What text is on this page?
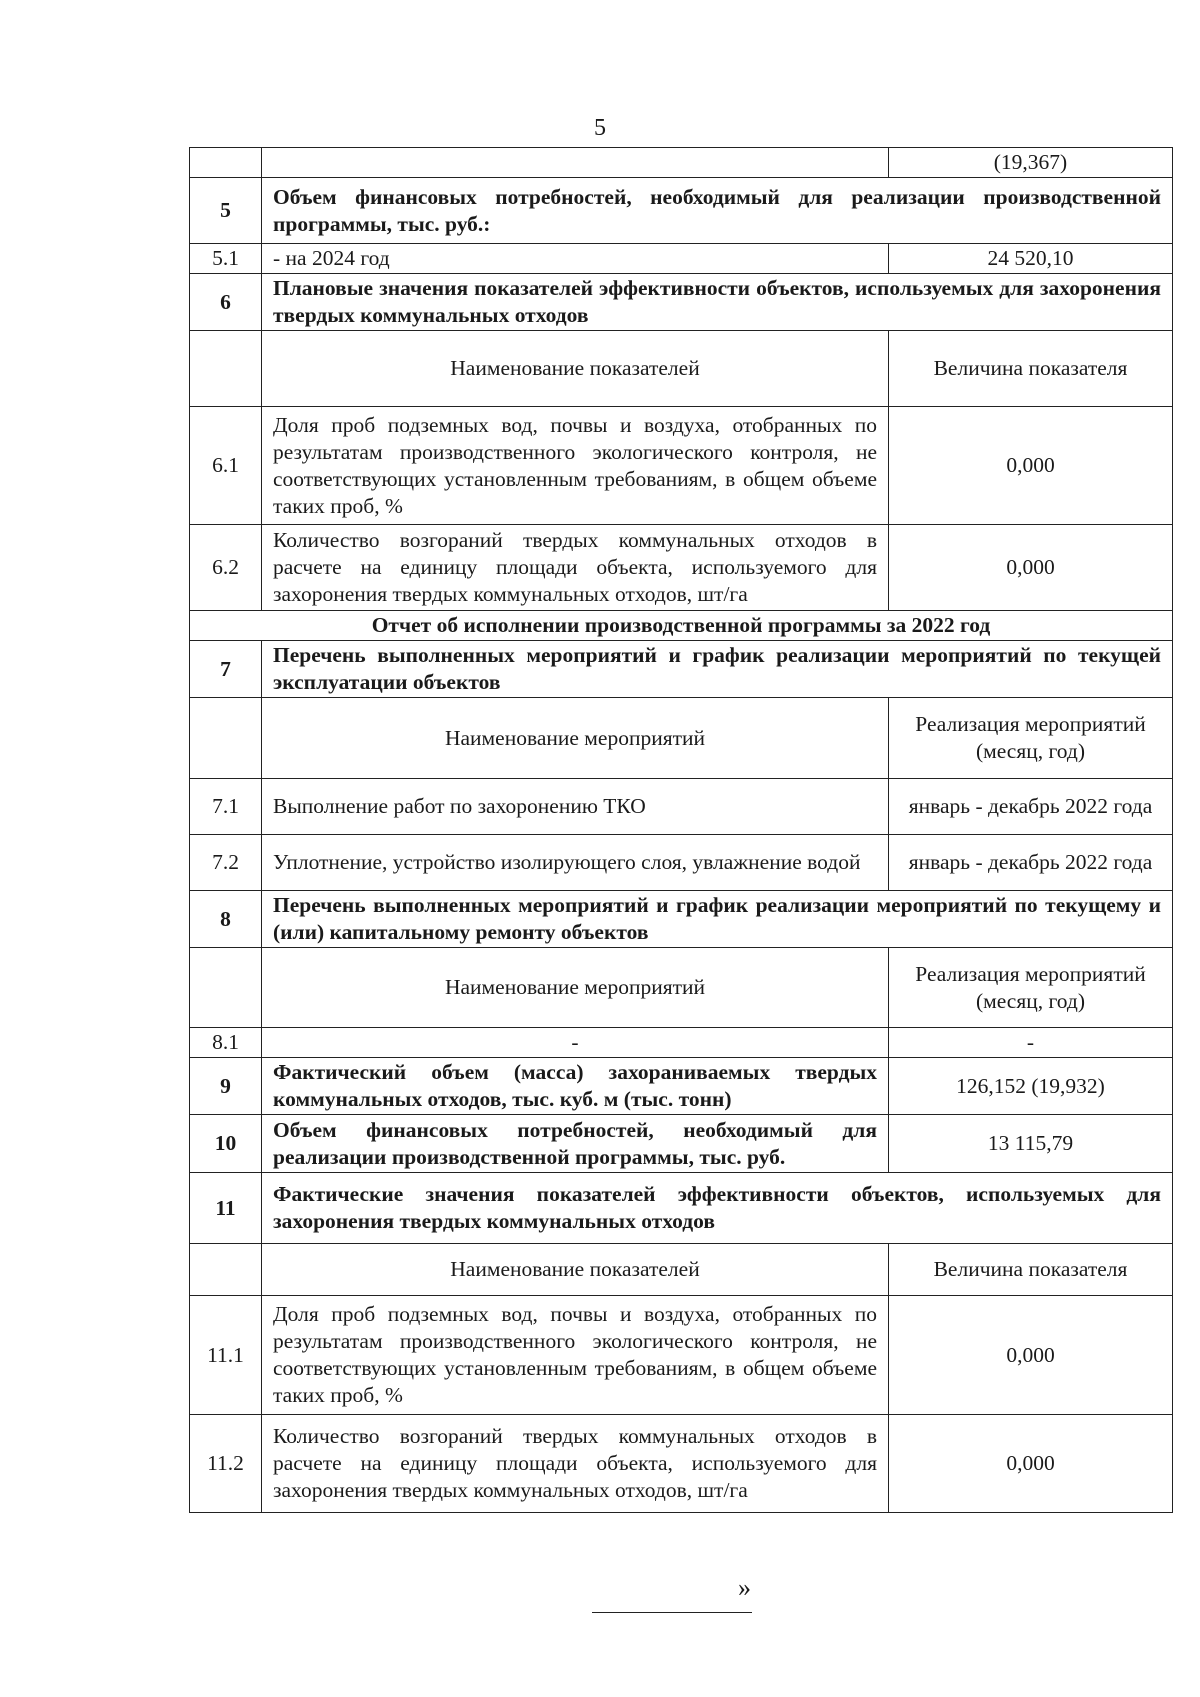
5
		(19,367)
5	Объем финансовых потребностей, необходимый для реализации производственной программы, тыс. руб.:	
5.1	- на 2024 год	24 520,10
6	Плановые значения показателей эффективности объектов, используемых для захоронения твердых коммунальных отходов	
	Наименование показателей	Величина показателя
6.1	Доля проб подземных вод, почвы и воздуха, отобранных по результатам производственного экологического контроля, не соответствующих установленным требованиям, в общем объеме таких проб, %	0,000
6.2	Количество возгораний твердых коммунальных отходов в расчете на единицу площади объекта, используемого для захоронения твердых коммунальных отходов, шт/га	0,000
Отчет об исполнении производственной программы за 2022 год		
7	Перечень выполненных мероприятий и график реализации мероприятий по текущей эксплуатации объектов	
	Наименование мероприятий	Реализация мероприятий (месяц, год)
7.1	Выполнение работ по захоронению ТКО	январь - декабрь 2022 года
7.2	Уплотнение, устройство изолирующего слоя, увлажнение водой	январь - декабрь 2022 года
8	Перечень выполненных мероприятий и график реализации мероприятий по текущему и (или) капитальному ремонту объектов	
	Наименование мероприятий	Реализация мероприятий (месяц, год)
8.1	-	-
9	Фактический объем (масса) захораниваемых твердых коммунальных отходов, тыс. куб. м (тыс. тонн)	126,152 (19,932)
10	Объем финансовых потребностей, необходимый для реализации производственной программы, тыс. руб.	13 115,79
11	Фактические значения показателей эффективности объектов, используемых для захоронения твердых коммунальных отходов	
	Наименование показателей	Величина показателя
11.1	Доля проб подземных вод, почвы и воздуха, отобранных по результатам производственного экологического контроля, не соответствующих установленным требованиям, в общем объеме таких проб, %	0,000
11.2	Количество возгораний твердых коммунальных отходов в расчете на единицу площади объекта, используемого для захоронения твердых коммунальных отходов, шт/га	0,000
»
